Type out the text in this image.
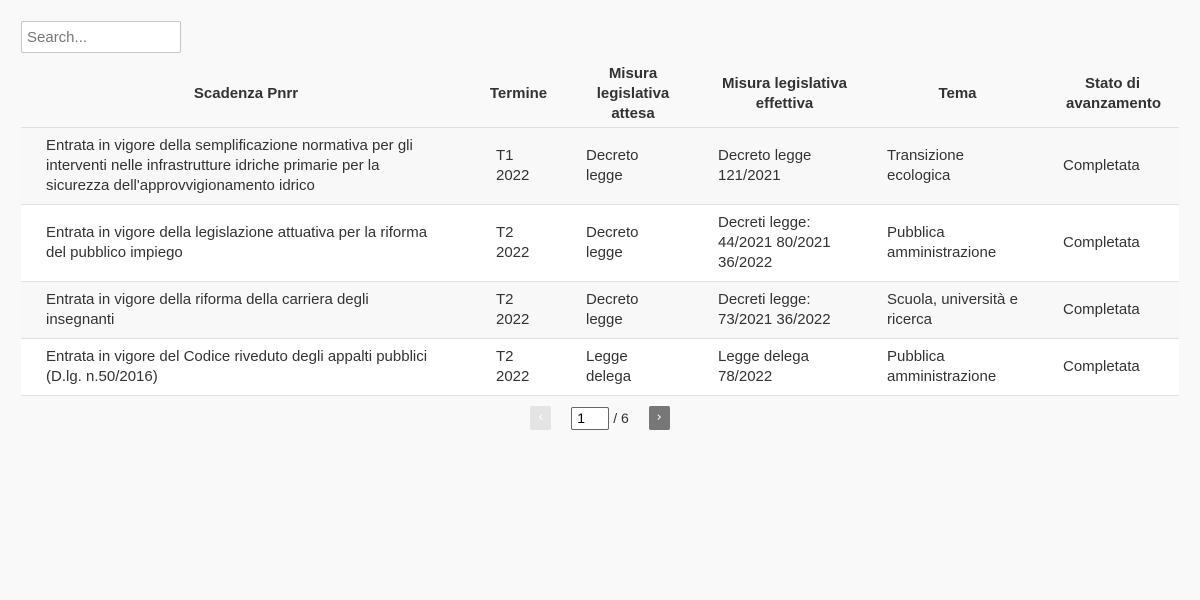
Search...
Scadenza Pnrr	Termine	Misura legislativa attesa	Misura legislativa effettiva	Tema	Stato di avanzamento
Entrata in vigore della semplificazione normativa per gli interventi nelle infrastrutture idriche primarie per la sicurezza dell'approvvigionamento idrico	T1 2022	Decreto legge	Decreto legge 121/2021	Transizione ecologica	Completata
Entrata in vigore della legislazione attuativa per la riforma del pubblico impiego	T2 2022	Decreto legge	Decreti legge: 44/2021 80/2021 36/2022	Pubblica amministrazione	Completata
Entrata in vigore della riforma della carriera degli insegnanti	T2 2022	Decreto legge	Decreti legge: 73/2021 36/2022	Scuola, università e ricerca	Completata
Entrata in vigore del Codice riveduto degli appalti pubblici (D.lg. n.50/2016)	T2 2022	Legge delega	Legge delega 78/2022	Pubblica amministrazione	Completata
‹
1	/ 6	›
